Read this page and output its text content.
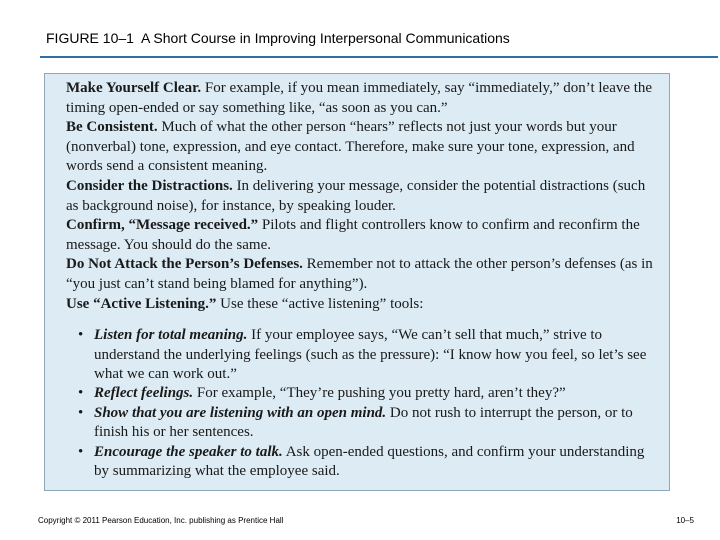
FIGURE 10–1 A Short Course in Improving Interpersonal Communications

Make Yourself Clear. For example, if you mean immediately, say “immediately,” don’t leave the timing open-ended or say something like, “as soon as you can.”

Be Consistent. Much of what the other person “hears” reflects not just your words but your (nonverbal) tone, expression, and eye contact. Therefore, make sure your tone, expression, and words send a consistent meaning.

Consider the Distractions. In delivering your message, consider the potential distractions (such as background noise), for instance, by speaking louder.

Confirm, “Message received.” Pilots and flight controllers know to confirm and reconfirm the message. You should do the same.

Do Not Attack the Person’s Defenses. Remember not to attack the other person’s defenses (as in “you just can’t stand being blamed for anything”).

Use “Active Listening.” Use these “active listening” tools:

• Listen for total meaning. If your employee says, “We can’t sell that much,” strive to understand the underlying feelings (such as the pressure): “I know how you feel, so let’s see what we can work out.”
• Reflect feelings. For example, “They’re pushing you pretty hard, aren’t they?”
• Show that you are listening with an open mind. Do not rush to interrupt the person, or to finish his or her sentences.
• Encourage the speaker to talk. Ask open-ended questions, and confirm your understanding by summarizing what the employee said.
Copyright © 2011 Pearson Education, Inc. publishing as Prentice Hall	10–5
